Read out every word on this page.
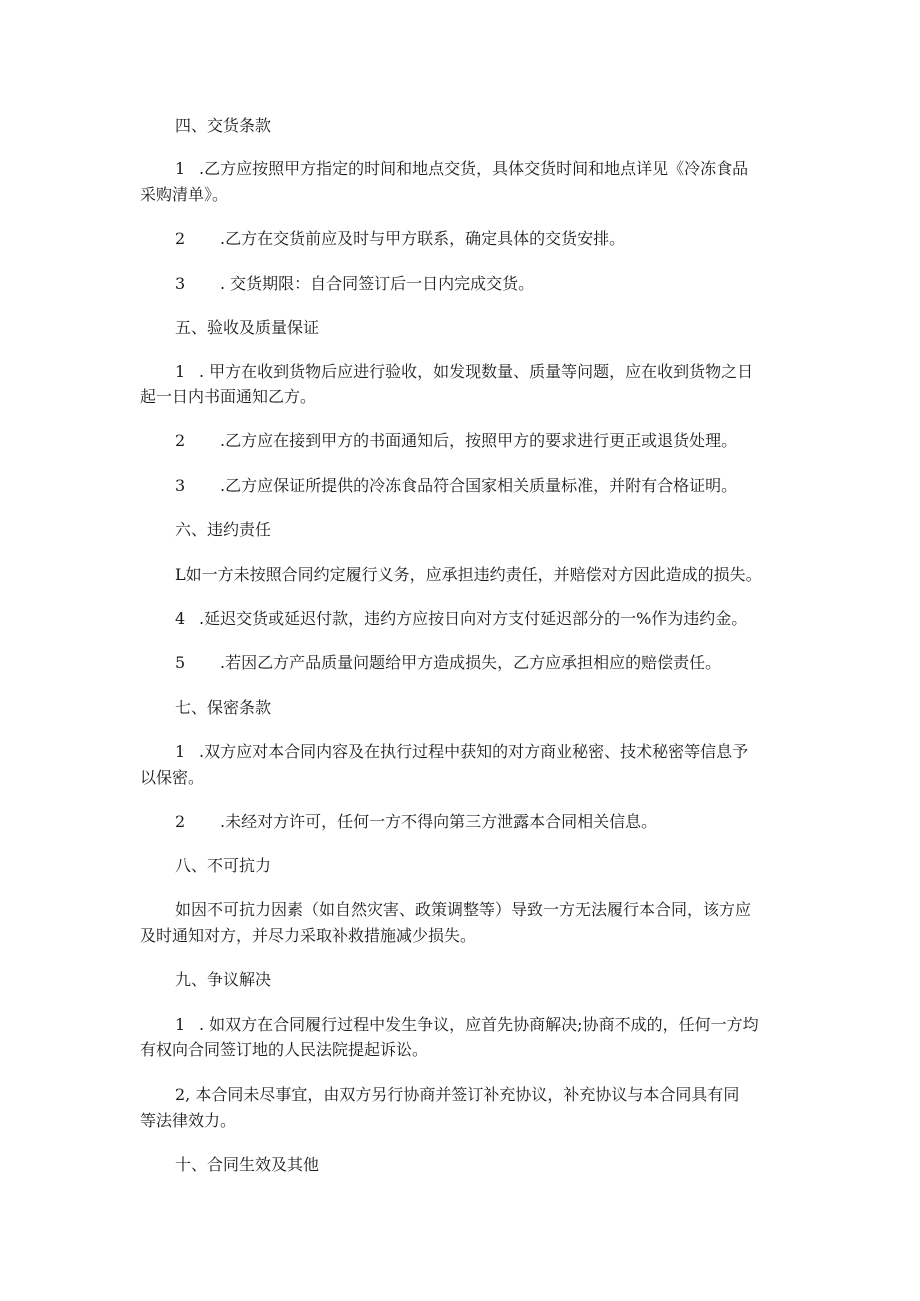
四、交货条款
1 .乙方应按照甲方指定的时间和地点交货，具体交货时间和地点详见《冷冻食品
采购清单》。
2 .乙方在交货前应及时与甲方联系，确定具体的交货安排。
3 . 交货期限：自合同签订后一日内完成交货。
五、验收及质量保证
1 . 甲方在收到货物后应进行验收，如发现数量、质量等问题，应在收到货物之日
起一日内书面通知乙方。
2 .乙方应在接到甲方的书面通知后，按照甲方的要求进行更正或退货处理。
3 .乙方应保证所提供的冷冻食品符合国家相关质量标准，并附有合格证明。
六、违约责任
L如一方未按照合同约定履行义务，应承担违约责任，并赔偿对方因此造成的损失。
4 .延迟交货或延迟付款，违约方应按日向对方支付延迟部分的一%作为违约金。
5 .若因乙方产品质量问题给甲方造成损失，乙方应承担相应的赔偿责任。
七、保密条款
1 .双方应对本合同内容及在执行过程中获知的对方商业秘密、技术秘密等信息予
以保密。
2 .未经对方许可，任何一方不得向第三方泄露本合同相关信息。
八、不可抗力
如因不可抗力因素（如自然灾害、政策调整等）导致一方无法履行本合同，该方应
及时通知对方，并尽力采取补救措施减少损失。
九、争议解决
1 . 如双方在合同履行过程中发生争议，应首先协商解决;协商不成的，任何一方均
有权向合同签订地的人民法院提起诉讼。
2, 本合同未尽事宜，由双方另行协商并签订补充协议，补充协议与本合同具有同
等法律效力。
十、合同生效及其他
